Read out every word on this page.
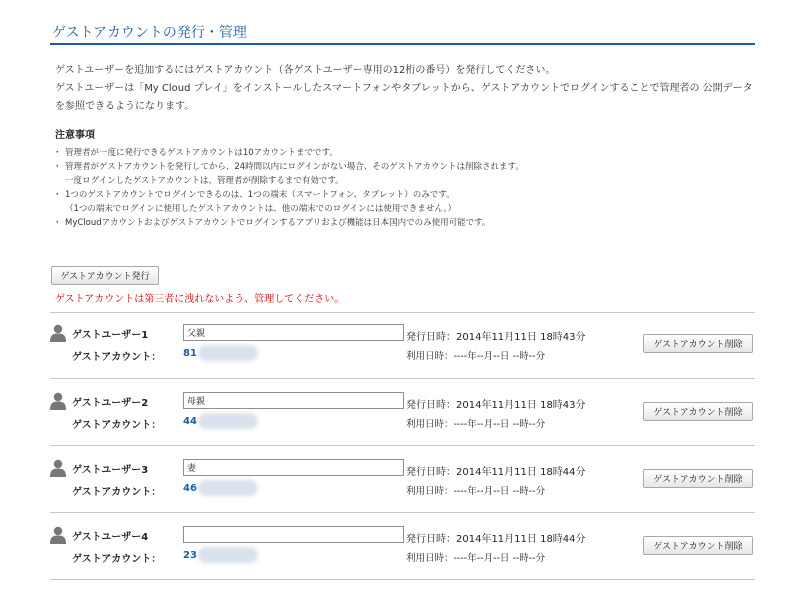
ゲストアカウントの発行・管理

ゲストユーザーを追加するにはゲストアカウント（各ゲストユーザー専用の12桁の番号）を発行してください。

ゲストユーザーは「My Cloud プレイ」をインストールしたスマートフォンやタブレットから、ゲストアカウントでログインすることで管理者の 公開データを参照できるようになります。

注意事項
・ 管理者が一度に発行できるゲストアカウントは10アカウントまでです。
・ 管理者がゲストアカウントを発行してから、24時間以内にログインがない場合、そのゲストアカウントは削除されます。
一度ログインしたゲストアカウントは、管理者が削除するまで有効です。
・ 1つのゲストアカウントでログインできるのは、1つの端末（スマートフォン、タブレット）のみです。
（1つの端末でログインに使用したゲストアカウントは、他の端末でのログインには使用できません。）
・ MyCloudアカウントおよびゲストアカウントでログインするアプリおよび機能は日本国内でのみ使用可能です。
ゲストアカウント発行
ゲストアカウントは第三者に洩れないよう、管理してください。
ゲストユーザー1
父親
ゲストアカウント： 81
発行日時：2014年11月11日 18時43分
利用日時：----年--月--日 --時--分
ゲストアカウント削除
ゲストユーザー2
母親
ゲストアカウント： 44
発行日時：2014年11月11日 18時43分
利用日時：----年--月--日 --時--分
ゲストアカウント削除
ゲストユーザー3
妻
ゲストアカウント： 46
発行日時：2014年11月11日 18時44分
利用日時：----年--月--日 --時--分
ゲストアカウント削除
ゲストユーザー4
ゲストアカウント： 23
発行日時：2014年11月11日 18時44分
利用日時：----年--月--日 --時--分
ゲストアカウント削除
